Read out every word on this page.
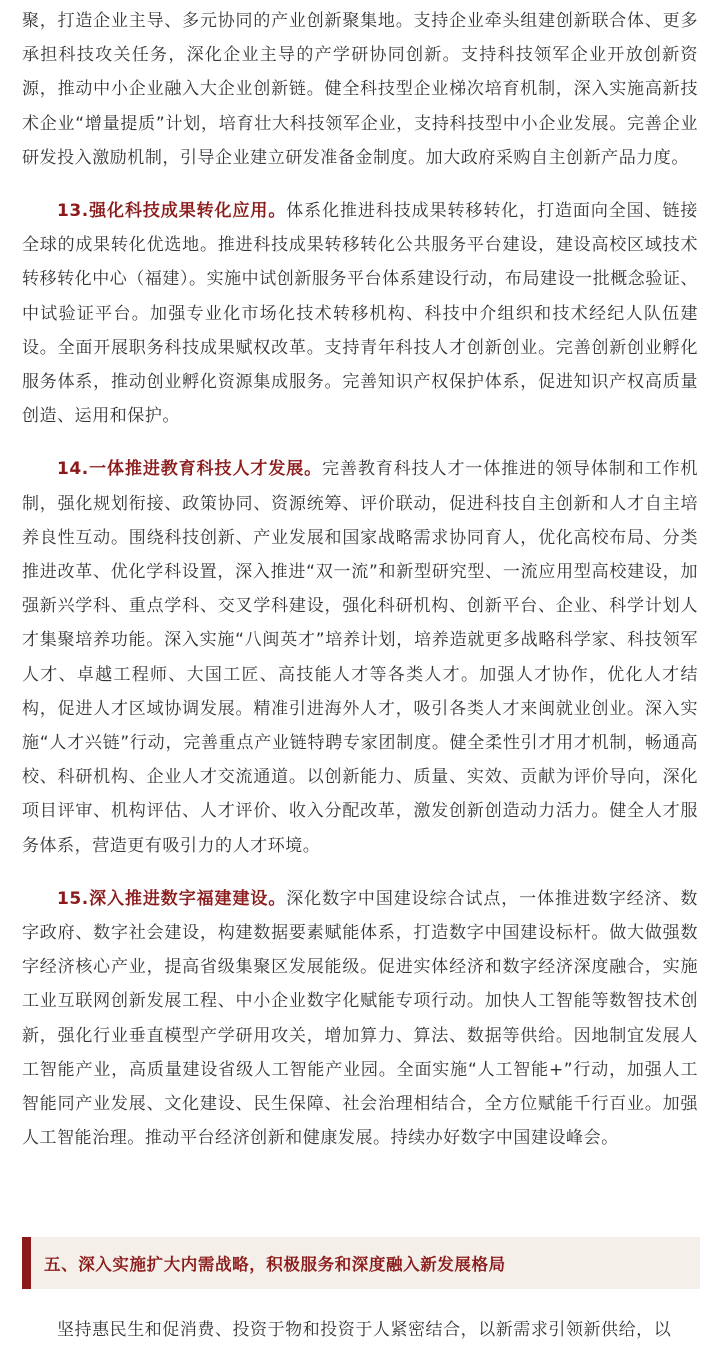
聚，打造企业主导、多元协同的产业创新聚集地。支持企业牵头组建创新联合体、更多承担科技攻关任务，深化企业主导的产学研协同创新。支持科技领军企业开放创新资源，推动中小企业融入大企业创新链。健全科技型企业梯次培育机制，深入实施高新技术企业“增量提质”计划，培育壮大科技领军企业，支持科技型中小企业发展。完善企业研发投入激励机制，引导企业建立研发准备金制度。加大政府采购自主创新产品力度。

13.强化科技成果转化应用。体系化推进科技成果转移转化，打造面向全国、链接全球的成果转化优选地。推进科技成果转移转化公共服务平台建设，建设高校区域技术转移转化中心（福建）。实施中试创新服务平台体系建设行动，布局建设一批概念验证、中试验证平台。加强专业化市场化技术转移机构、科技中介组织和技术经纪人队伍建设。全面开展职务科技成果赋权改革。支持青年科技人才创新创业。完善创新创业孵化服务体系，推动创业孵化资源集成服务。完善知识产权保护体系，促进知识产权高质量创造、运用和保护。

14.一体推进教育科技人才发展。完善教育科技人才一体推进的领导体制和工作机制，强化规划衔接、政策协同、资源统筹、评价联动，促进科技自主创新和人才自主培养良性互动。围绕科技创新、产业发展和国家战略需求协同育人，优化高校布局、分类推进改革、优化学科设置，深入推进“双一流”和新型研究型、一流应用型高校建设，加强新兴学科、重点学科、交叉学科建设，强化科研机构、创新平台、企业、科学计划人才集聚培养功能。深入实施“八闽英才”培养计划，培养造就更多战略科学家、科技领军人才、卓越工程师、大国工匠、高技能人才等各类人才。加强人才协作，优化人才结构，促进人才区域协调发展。精准引进海外人才，吸引各类人才来闽就业创业。深入实施“人才兴链”行动，完善重点产业链特聘专家团制度。健全柔性引才用才机制，畅通高校、科研机构、企业人才交流通道。以创新能力、质量、实效、贡献为评价导向，深化项目评审、机构评估、人才评价、收入分配改革，激发创新创造动力活力。健全人才服务体系，营造更有吸引力的人才环境。

15.深入推进数字福建建设。深化数字中国建设综合试点，一体推进数字经济、数字政府、数字社会建设，构建数据要素赋能体系，打造数字中国建设标杆。做大做强数字经济核心产业，提高省级集聚区发展能级。促进实体经济和数字经济深度融合，实施工业互联网创新发展工程、中小企业数字化赋能专项行动。加快人工智能等数智技术创新，强化行业垂直模型产学研用攻关，增加算力、算法、数据等供给。因地制宜发展人工智能产业，高质量建设省级人工智能产业园。全面实施“人工智能+”行动，加强人工智能同产业发展、文化建设、民生保障、社会治理相结合，全方位赋能千行百业。加强人工智能治理。推动平台经济创新和健康发展。持续办好数字中国建设峰会。

五、深入实施扩大内需战略，积极服务和深度融入新发展格局

坚持惠民生和促消费、投资于物和投资于人紧密结合，以新需求引领新供给，以
